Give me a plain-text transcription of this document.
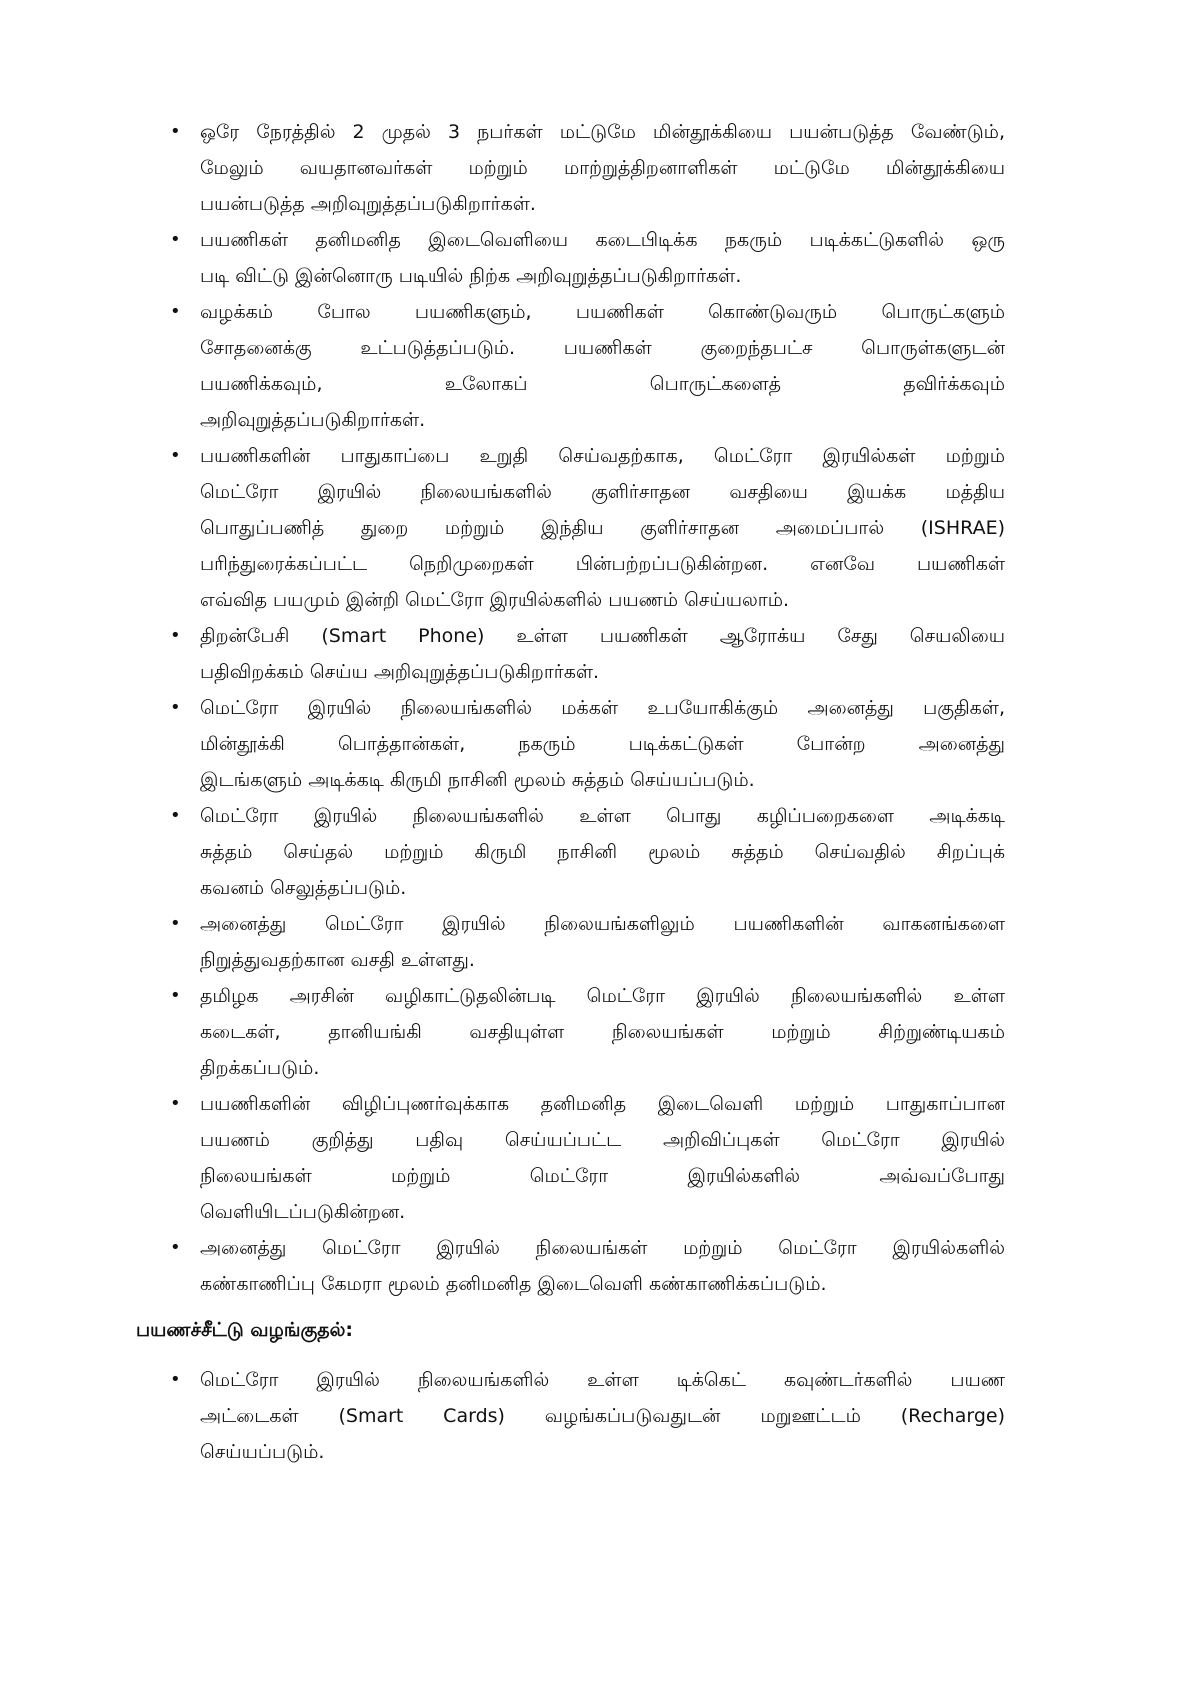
• ஒரே நேரத்தில் 2 முதல் 3 நபர்கள் மட்டுமே மின்தூக்கியை பயன்படுத்த வேண்டும்,
மேலும் வயதானவர்கள் மற்றும் மாற்றுத்திறனாளிகள் மட்டுமே மின்தூக்கியை
பயன்படுத்த அறிவுறுத்தப்படுகிறார்கள்.
• பயணிகள் தனிமனித இடைவெளியை கடைபிடிக்க நகரும் படிக்கட்டுகளில் ஒரு
படி விட்டு இன்னொரு படியில் நிற்க அறிவுறுத்தப்படுகிறார்கள்.
• வழக்கம் போல பயணிகளும், பயணிகள் கொண்டுவரும் பொருட்களும்
சோதனைக்கு உட்படுத்தப்படும். பயணிகள் குறைந்தபட்ச பொருள்களுடன்
பயணிக்கவும், உலோகப் பொருட்களைத் தவிர்க்கவும்
அறிவுறுத்தப்படுகிறார்கள்.
• பயணிகளின் பாதுகாப்பை உறுதி செய்வதற்காக, மெட்ரோ இரயில்கள் மற்றும்
மெட்ரோ இரயில் நிலையங்களில் குளிர்சாதன வசதியை இயக்க மத்திய
பொதுப்பணித் துறை மற்றும் இந்திய குளிர்சாதன அமைப்பால் (ISHRAE)
பரிந்துரைக்கப்பட்ட நெறிமுறைகள் பின்பற்றப்படுகின்றன. எனவே பயணிகள்
எவ்வித பயமும் இன்றி மெட்ரோ இரயில்களில் பயணம் செய்யலாம்.
• திறன்பேசி (Smart Phone) உள்ள பயணிகள் ஆரோக்ய சேது செயலியை
பதிவிறக்கம் செய்ய அறிவுறுத்தப்படுகிறார்கள்.
• மெட்ரோ இரயில் நிலையங்களில் மக்கள் உபயோகிக்கும் அனைத்து பகுதிகள்,
மின்தூக்கி பொத்தான்கள், நகரும் படிக்கட்டுகள் போன்ற அனைத்து
இடங்களும் அடிக்கடி கிருமி நாசினி மூலம் சுத்தம் செய்யப்படும்.
• மெட்ரோ இரயில் நிலையங்களில் உள்ள பொது கழிப்பறைகளை அடிக்கடி
சுத்தம் செய்தல் மற்றும் கிருமி நாசினி மூலம் சுத்தம் செய்வதில் சிறப்புக்
கவனம் செலுத்தப்படும்.
• அனைத்து மெட்ரோ இரயில் நிலையங்களிலும் பயணிகளின் வாகனங்களை
நிறுத்துவதற்கான வசதி உள்ளது.
• தமிழக அரசின் வழிகாட்டுதலின்படி மெட்ரோ இரயில் நிலையங்களில் உள்ள
கடைகள், தானியங்கி வசதியுள்ள நிலையங்கள் மற்றும் சிற்றுண்டியகம்
திறக்கப்படும்.
• பயணிகளின் விழிப்புணர்வுக்காக தனிமனித இடைவெளி மற்றும் பாதுகாப்பான
பயணம் குறித்து பதிவு செய்யப்பட்ட அறிவிப்புகள் மெட்ரோ இரயில்
நிலையங்கள் மற்றும் மெட்ரோ இரயில்களில் அவ்வப்போது
வெளியிடப்படுகின்றன.
• அனைத்து மெட்ரோ இரயில் நிலையங்கள் மற்றும் மெட்ரோ இரயில்களில்
கண்காணிப்பு கேமரா மூலம் தனிமனித இடைவெளி கண்காணிக்கப்படும்.
பயணச்சீட்டு வழங்குதல்:
• மெட்ரோ இரயில் நிலையங்களில் உள்ள டிக்கெட் கவுண்டர்களில் பயண
அட்டைகள் (Smart Cards) வழங்கப்படுவதுடன் மறுஊட்டம் (Recharge)
செய்யப்படும்.
